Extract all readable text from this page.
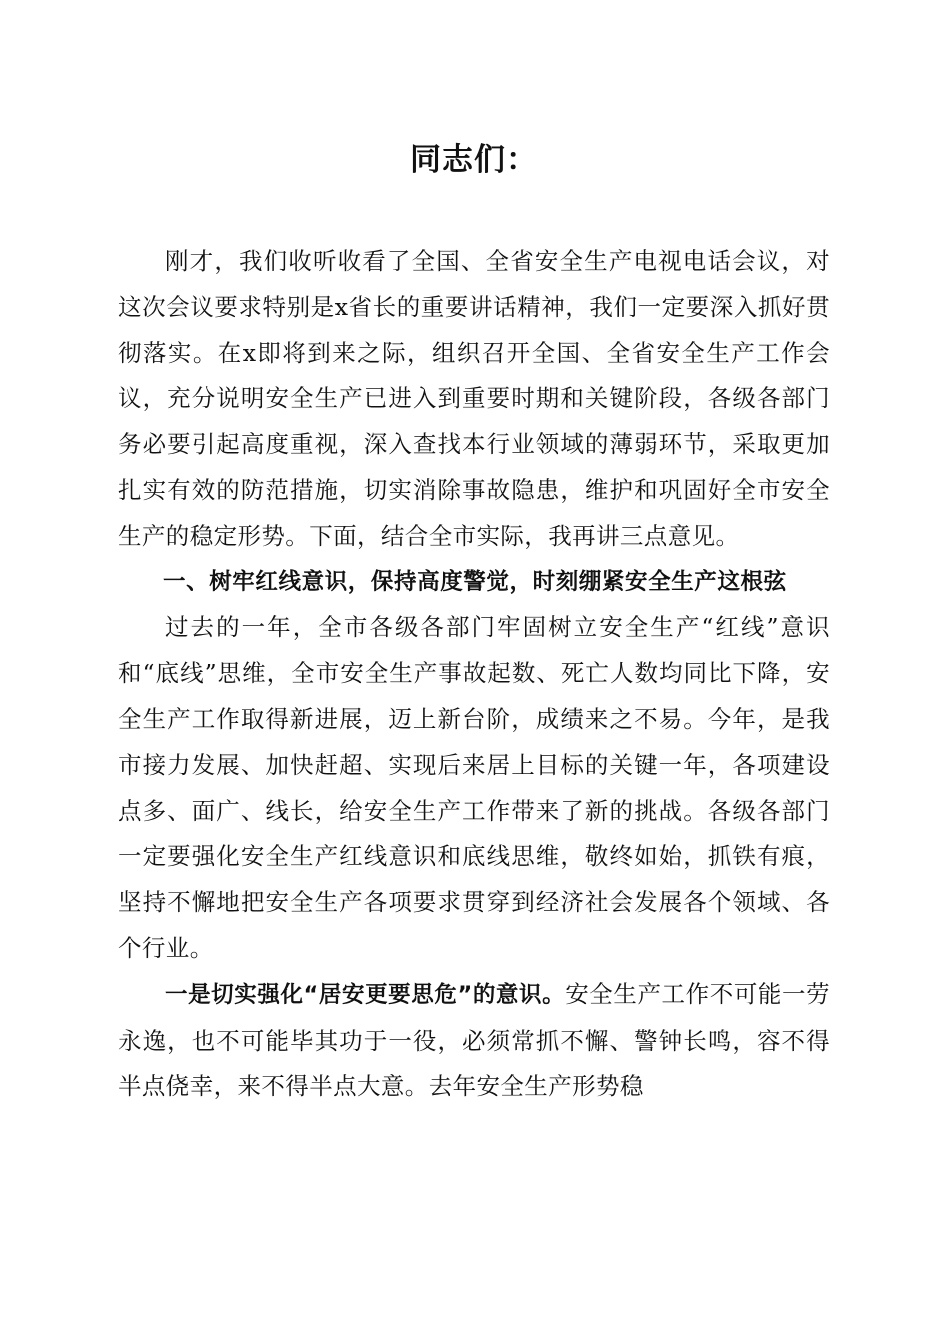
同志们：

刚才，我们收听收看了全国、全省安全生产电视电话会议，对这次会议要求特别是x省长的重要讲话精神，我们一定要深入抓好贯彻落实。在x即将到来之际，组织召开全国、全省安全生产工作会议，充分说明安全生产已进入到重要时期和关键阶段，各级各部门务必要引起高度重视，深入查找本行业领域的薄弱环节，采取更加扎实有效的防范措施，切实消除事故隐患，维护和巩固好全市安全生产的稳定形势。下面，结合全市实际，我再讲三点意见。

一、树牢红线意识，保持高度警觉，时刻绷紧安全生产这根弦

过去的一年，全市各级各部门牢固树立安全生产“红线”意识和“底线”思维，全市安全生产事故起数、死亡人数均同比下降，安全生产工作取得新进展，迈上新台阶，成绩来之不易。今年，是我市接力发展、加快赶超、实现后来居上目标的关键一年，各项建设点多、面广、线长，给安全生产工作带来了新的挑战。各级各部门一定要强化安全生产红线意识和底线思维，敬终如始，抓铁有痕，坚持不懈地把安全生产各项要求贯穿到经济社会发展各个领域、各个行业。

一是切实强化“居安更要思危”的意识。安全生产工作不可能一劳永逸，也不可能毕其功于一役，必须常抓不懈、警钟长鸣，容不得半点侥幸，来不得半点大意。去年安全生产形势稳
